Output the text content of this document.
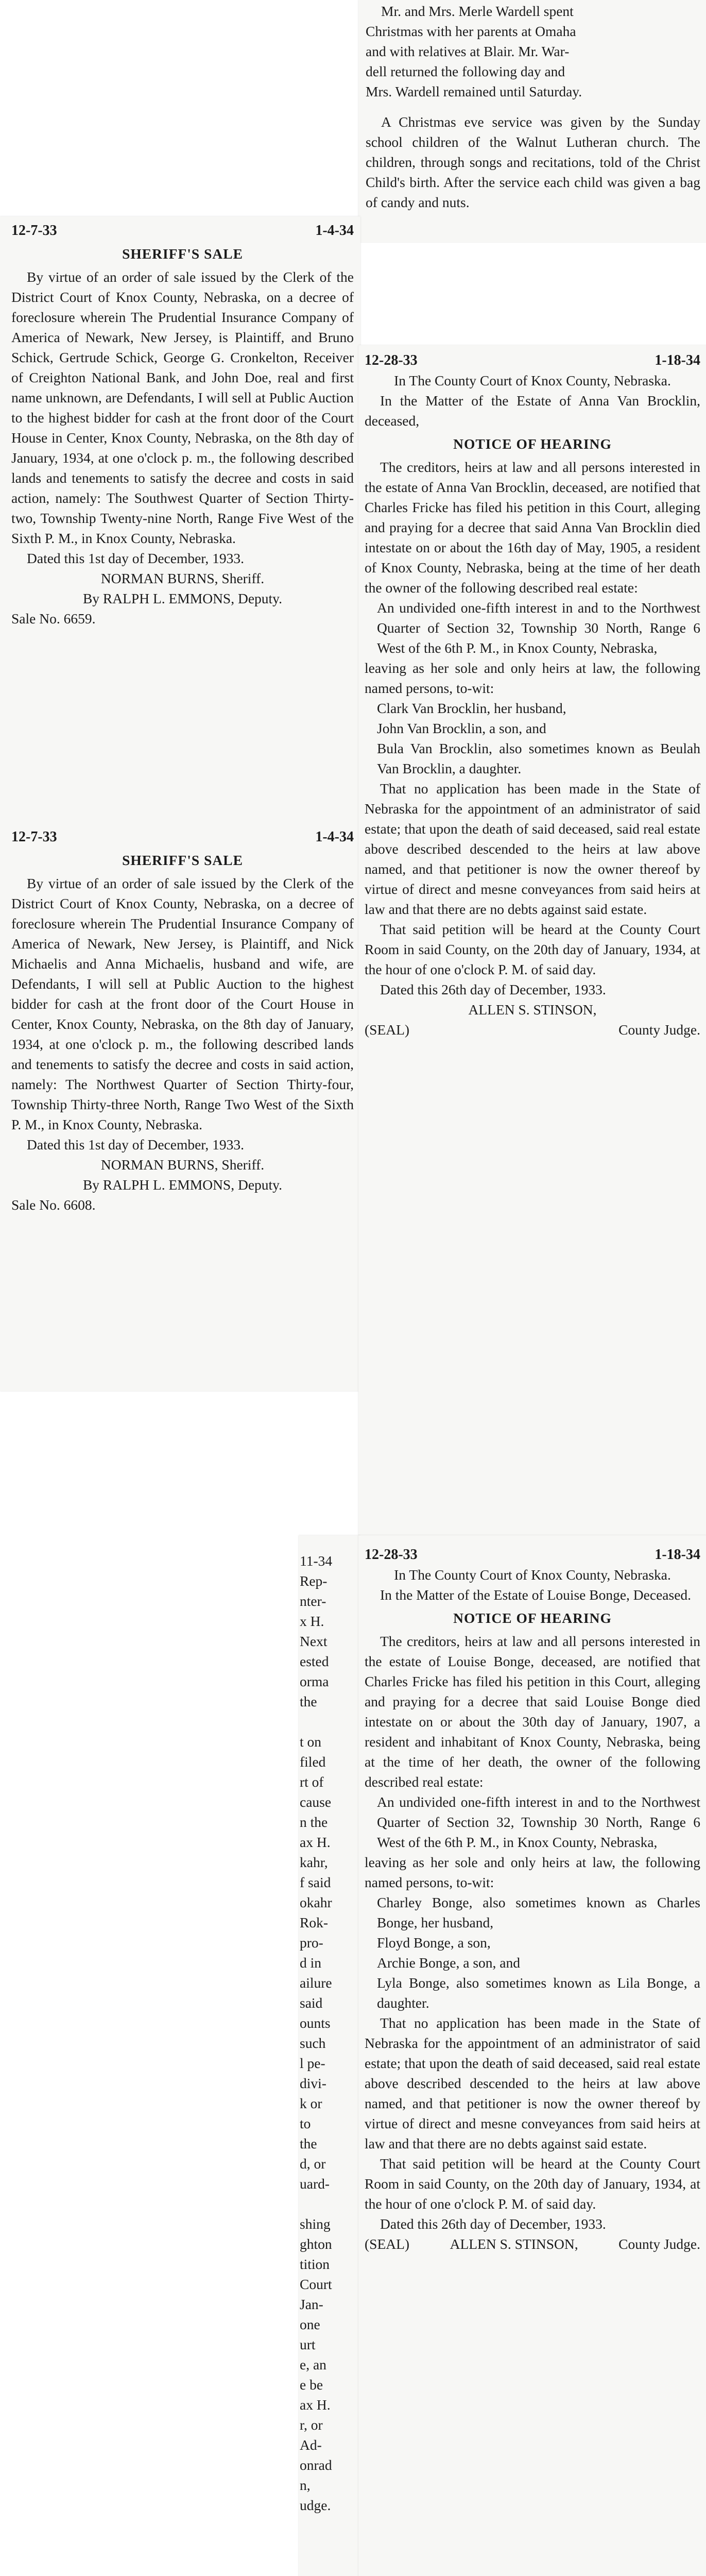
Mr. and Mrs. Merle Wardell spent
Christmas with her parents at Omaha
and with relatives at Blair. Mr. War-
dell returned the following day and
Mrs. Wardell remained until Saturday.

A Christmas eve service was given by the Sunday school children of the Walnut Lutheran church. The children, through songs and recitations, told of the Christ Child's birth. After the service each child was given a bag of candy and nuts.

12-7-33	1-4-34
SHERIFF'S SALE

By virtue of an order of sale issued by the Clerk of the District Court of Knox County, Nebraska, on a decree of foreclosure wherein The Prudential Insurance Company of America of Newark, New Jersey, is Plaintiff, and Bruno Schick, Gertrude Schick, George G. Cronkelton, Receiver of Creighton National Bank, and John Doe, real and first name unknown, are Defendants, I will sell at Public Auction to the highest bidder for cash at the front door of the Court House in Center, Knox County, Nebraska, on the 8th day of January, 1934, at one o'clock p. m., the following described lands and tenements to satisfy the decree and costs in said action, namely: The Southwest Quarter of Section Thirty-two, Township Twenty-nine North, Range Five West of the Sixth P. M., in Knox County, Nebraska.

Dated this 1st day of December, 1933.

NORMAN BURNS, Sheriff.
By RALPH L. EMMONS, Deputy.
Sale No. 6659.
12-7-33	1-4-34
SHERIFF'S SALE

By virtue of an order of sale issued by the Clerk of the District Court of Knox County, Nebraska, on a decree of foreclosure wherein The Prudential Insurance Company of America of Newark, New Jersey, is Plaintiff, and Nick Michaelis and Anna Michaelis, husband and wife, are Defendants, I will sell at Public Auction to the highest bidder for cash at the front door of the Court House in Center, Knox County, Nebraska, on the 8th day of January, 1934, at one o'clock p. m., the following described lands and tenements to satisfy the decree and costs in said action, namely: The Northwest Quarter of Section Thirty-four, Township Thirty-three North, Range Two West of the Sixth P. M., in Knox County, Nebraska.

Dated this 1st day of December, 1933.

NORMAN BURNS, Sheriff.
By RALPH L. EMMONS, Deputy.
Sale No. 6608.
12-28-33	1-18-34
In The County Court of Knox County, Nebraska.

In the Matter of the Estate of Anna Van Brocklin, deceased,

NOTICE OF HEARING

The creditors, heirs at law and all persons interested in the estate of Anna Van Brocklin, deceased, are notified that Charles Fricke has filed his petition in this Court, alleging and praying for a decree that said Anna Van Brocklin died intestate on or about the 16th day of May, 1905, a resident of Knox County, Nebraska, being at the time of her death the owner of the following described real estate:

An undivided one-fifth interest in and to the Northwest Quarter of Section 32, Township 30 North, Range 6 West of the 6th P. M., in Knox County, Nebraska,

leaving as her sole and only heirs at law, the following named persons, to-wit:

Clark Van Brocklin, her husband,
John Van Brocklin, a son, and
Bula Van Brocklin, also sometimes known as Beulah Van Brocklin, a daughter.

That no application has been made in the State of Nebraska for the appointment of an administrator of said estate; that upon the death of said deceased, said real estate above described descended to the heirs at law above named, and that petitioner is now the owner thereof by virtue of direct and mesne conveyances from said heirs at law and that there are no debts against said estate.

That said petition will be heard at the County Court Room in said County, on the 20th day of January, 1934, at the hour of one o'clock P. M. of said day.

Dated this 26th day of December, 1933.

ALLEN S. STINSON,
(SEAL)	County Judge.
11-34
Rep-
nter-
x H.
Next
ested
orma
the

t on
filed
rt of
cause
n the
ax H.
kahr,
f said
okahr
Rok-
pro-
d in
ailure
said
ounts
such
l pe-
divi-
k or
to
the
d, or
uard-

shing
ghton
tition
Court
Jan-
one
urt
e, an
e be
ax H.
r, or
Ad-
onrad
n,
udge.
12-28-33	1-18-34
In The County Court of Knox County, Nebraska.

In the Matter of the Estate of Louise Bonge, Deceased.

NOTICE OF HEARING

The creditors, heirs at law and all persons interested in the estate of Louise Bonge, deceased, are notified that Charles Fricke has filed his petition in this Court, alleging and praying for a decree that said Louise Bonge died intestate on or about the 30th day of January, 1907, a resident and inhabitant of Knox County, Nebraska, being at the time of her death, the owner of the following described real estate:

An undivided one-fifth interest in and to the Northwest Quarter of Section 32, Township 30 North, Range 6 West of the 6th P. M., in Knox County, Nebraska,

leaving as her sole and only heirs at law, the following named persons, to-wit:

Charley Bonge, also sometimes known as Charles Bonge, her husband,
Floyd Bonge, a son,
Archie Bonge, a son, and
Lyla Bonge, also sometimes known as Lila Bonge, a daughter.

That no application has been made in the State of Nebraska for the appointment of an administrator of said estate; that upon the death of said deceased, said real estate above described descended to the heirs at law above named, and that petitioner is now the owner thereof by virtue of direct and mesne conveyances from said heirs at law and that there are no debts against said estate.

That said petition will be heard at the County Court Room in said County, on the 20th day of January, 1934, at the hour of one o'clock P. M. of said day.

Dated this 26th day of December, 1933.

(SEAL)	ALLEN S. STINSON,	County Judge.
